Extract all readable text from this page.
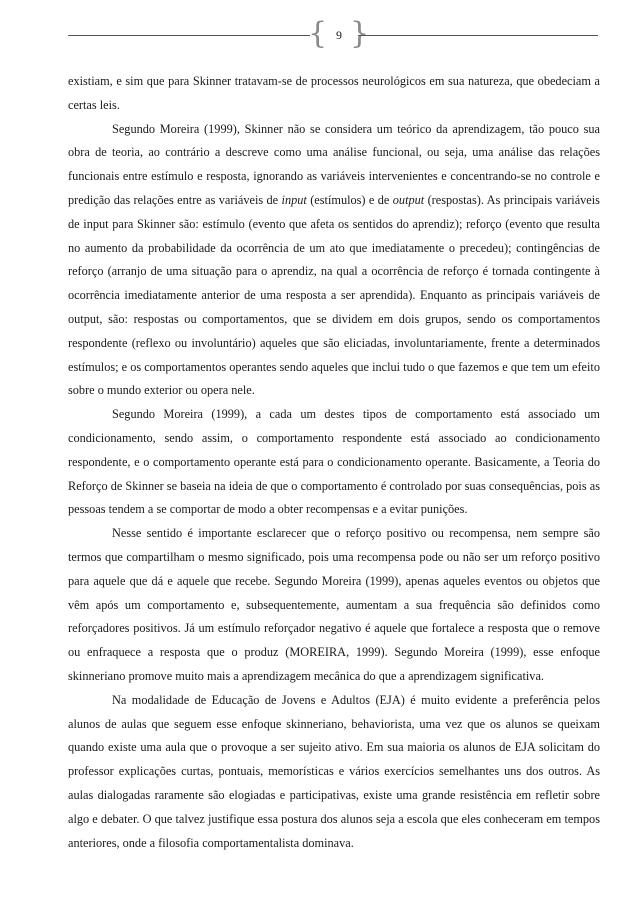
{ 9 }

existiam, e sim que para Skinner tratavam-se de processos neurológicos em sua natureza, que obedeciam a certas leis.

Segundo Moreira (1999), Skinner não se considera um teórico da aprendizagem, tão pouco sua obra de teoria, ao contrário a descreve como uma análise funcional, ou seja, uma análise das relações funcionais entre estímulo e resposta, ignorando as variáveis intervenientes e concentrando-se no controle e predição das relações entre as variáveis de input (estímulos) e de output (respostas). As principais variáveis de input para Skinner são: estímulo (evento que afeta os sentidos do aprendiz); reforço (evento que resulta no aumento da probabilidade da ocorrência de um ato que imediatamente o precedeu); contingências de reforço (arranjo de uma situação para o aprendiz, na qual a ocorrência de reforço é tornada contingente à ocorrência imediatamente anterior de uma resposta a ser aprendida). Enquanto as principais variáveis de output, são: respostas ou comportamentos, que se dividem em dois grupos, sendo os comportamentos respondente (reflexo ou involuntário) aqueles que são eliciadas, involuntariamente, frente a determinados estímulos; e os comportamentos operantes sendo aqueles que inclui tudo o que fazemos e que tem um efeito sobre o mundo exterior ou opera nele.

Segundo Moreira (1999), a cada um destes tipos de comportamento está associado um condicionamento, sendo assim, o comportamento respondente está associado ao condicionamento respondente, e o comportamento operante está para o condicionamento operante. Basicamente, a Teoria do Reforço de Skinner se baseia na ideia de que o comportamento é controlado por suas consequências, pois as pessoas tendem a se comportar de modo a obter recompensas e a evitar punições.

Nesse sentido é importante esclarecer que o reforço positivo ou recompensa, nem sempre são termos que compartilham o mesmo significado, pois uma recompensa pode ou não ser um reforço positivo para aquele que dá e aquele que recebe. Segundo Moreira (1999), apenas aqueles eventos ou objetos que vêm após um comportamento e, subsequentemente, aumentam a sua frequência são definidos como reforçadores positivos. Já um estímulo reforçador negativo é aquele que fortalece a resposta que o remove ou enfraquece a resposta que o produz (MOREIRA, 1999). Segundo Moreira (1999), esse enfoque skinneriano promove muito mais a aprendizagem mecânica do que a aprendizagem significativa.

Na modalidade de Educação de Jovens e Adultos (EJA) é muito evidente a preferência pelos alunos de aulas que seguem esse enfoque skinneriano, behaviorista, uma vez que os alunos se queixam quando existe uma aula que o provoque a ser sujeito ativo. Em sua maioria os alunos de EJA solicitam do professor explicações curtas, pontuais, memorísticas e vários exercícios semelhantes uns dos outros. As aulas dialogadas raramente são elogiadas e participativas, existe uma grande resistência em refletir sobre algo e debater. O que talvez justifique essa postura dos alunos seja a escola que eles conheceram em tempos anteriores, onde a filosofia comportamentalista dominava.
